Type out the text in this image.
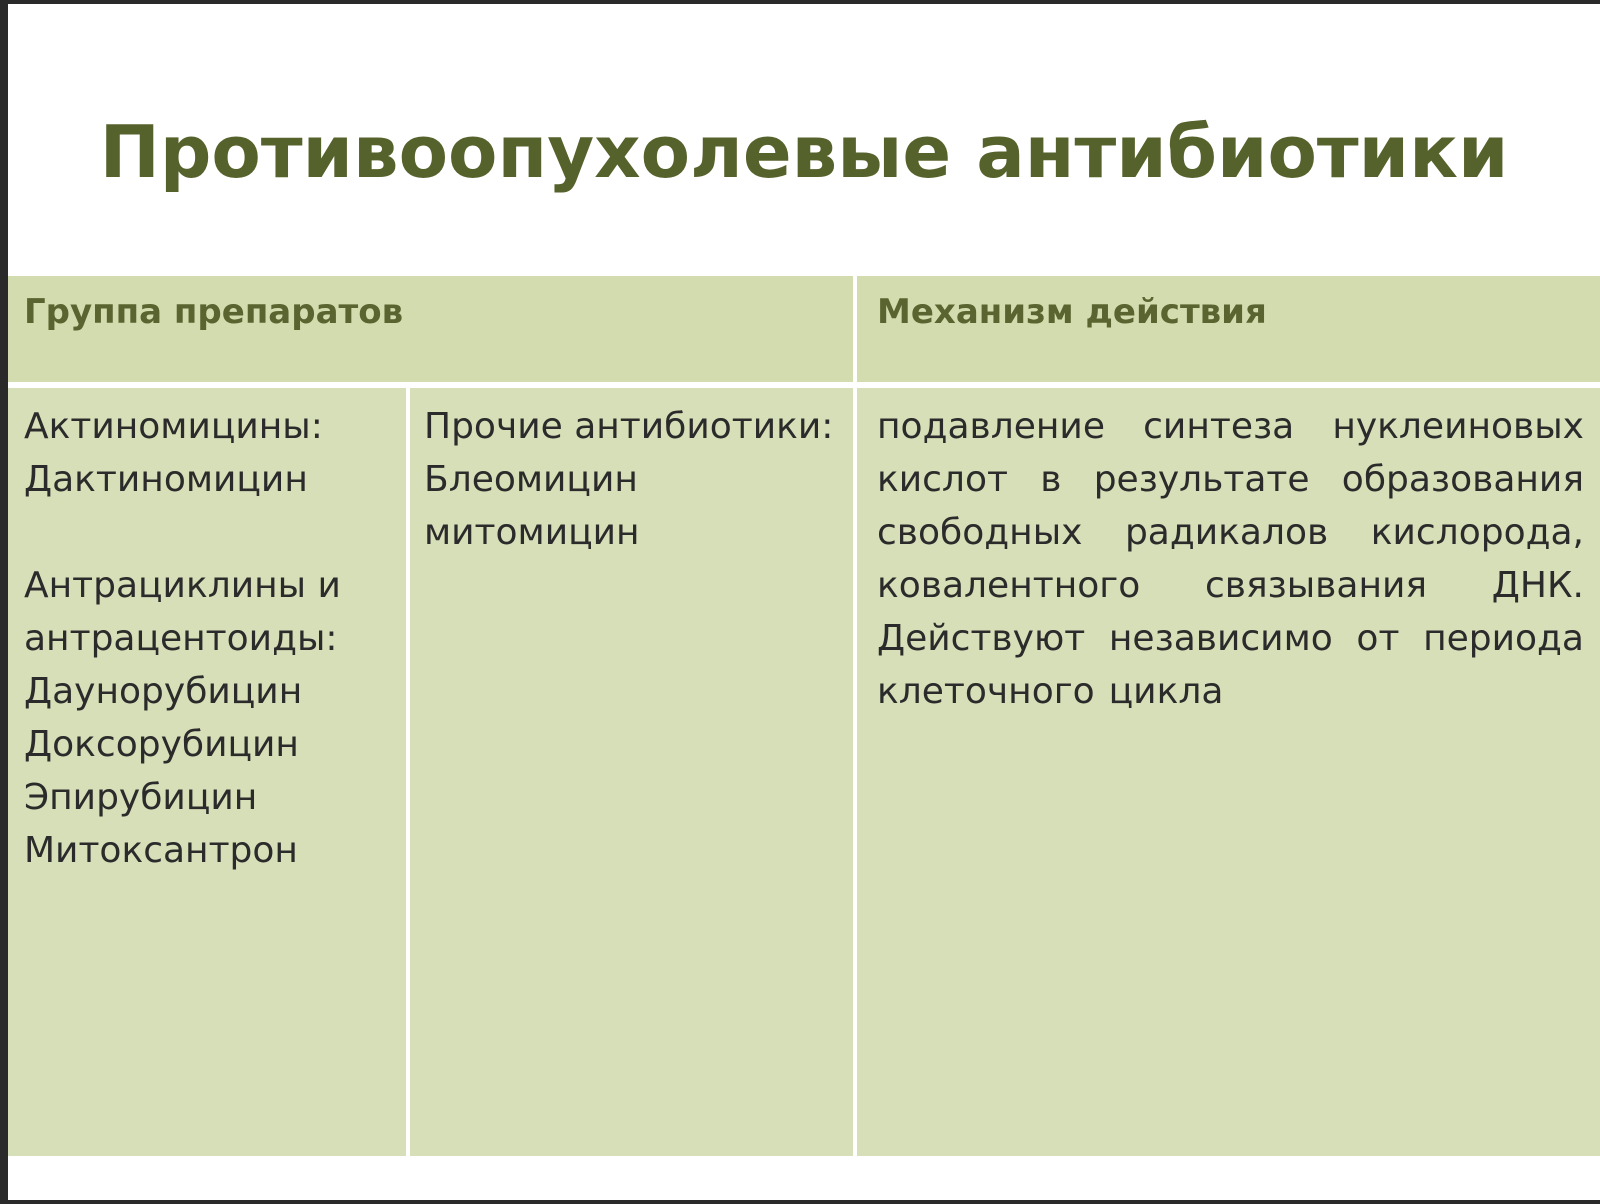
Противоопухолевые антибиотики
Группа препаратов	Механизм действия
Актиномицины:
Дактиномицин
Антрациклины и
антрацентоиды:
Даунорубицин
Доксорубицин
Эпирубицин
Митоксантрон
Прочие антибиотики:
Блеомицин
митомицин
подавление синтеза нуклеиновых
кислот в результате образования
свободных радикалов кислорода,
ковалентного связывания ДНК.
Действуют независимо от периода
клеточного цикла
